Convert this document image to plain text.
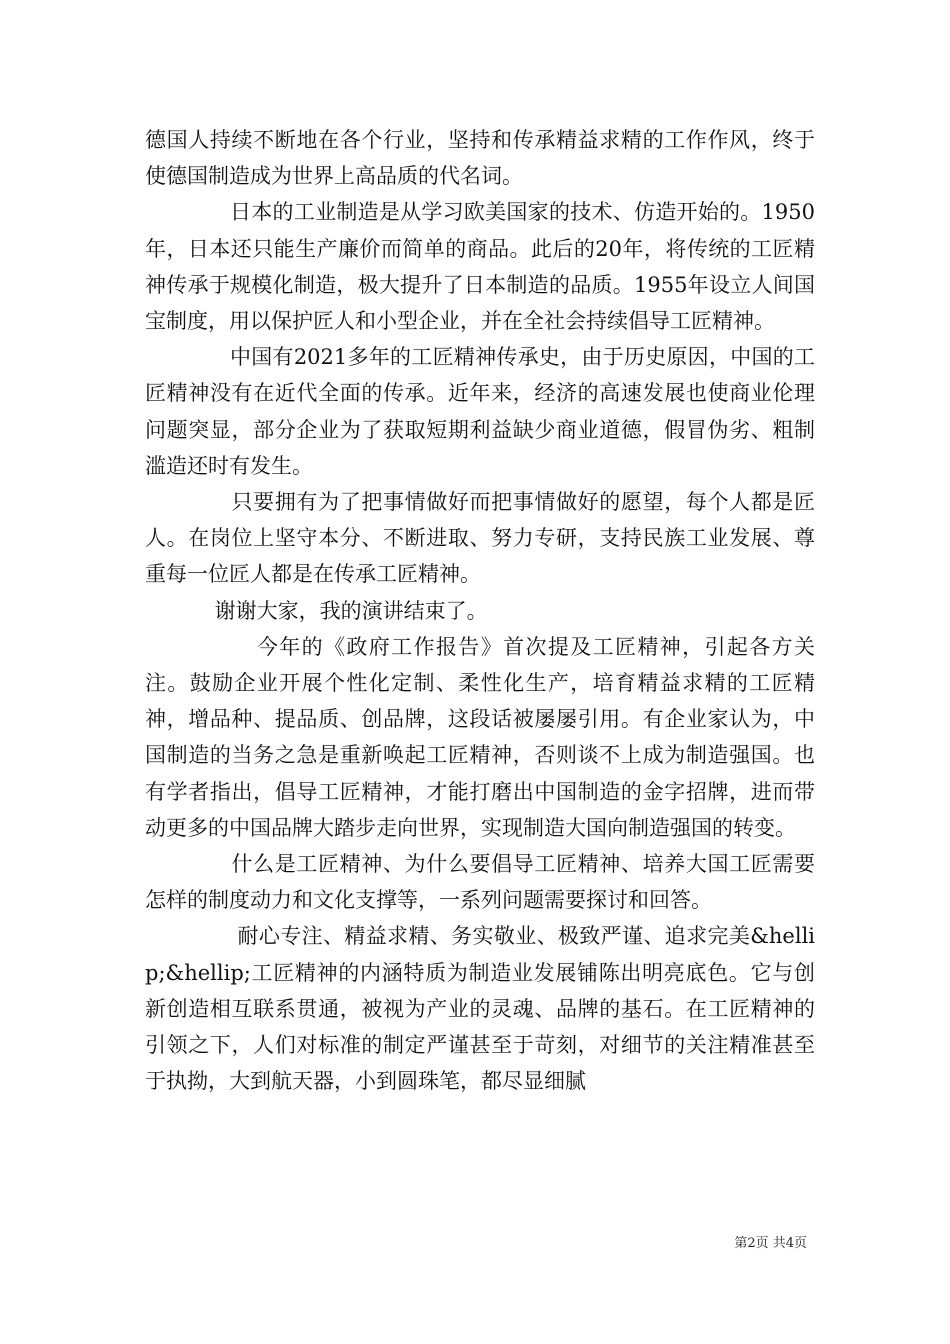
德国人持续不断地在各个行业，坚持和传承精益求精的工作作风，终于使德国制造成为世界上高品质的代名词。

　　　　日本的工业制造是从学习欧美国家的技术、仿造开始的。1950年，日本还只能生产廉价而简单的商品。此后的20年，将传统的工匠精神传承于规模化制造，极大提升了日本制造的品质。1955年设立人间国宝制度，用以保护匠人和小型企业，并在全社会持续倡导工匠精神。

　　　　中国有2021多年的工匠精神传承史，由于历史原因，中国的工匠精神没有在近代全面的传承。近年来，经济的高速发展也使商业伦理问题突显，部分企业为了获取短期利益缺少商业道德，假冒伪劣、粗制滥造还时有发生。

　　　　只要拥有为了把事情做好而把事情做好的愿望，每个人都是匠人。在岗位上坚守本分、不断进取、努力专研，支持民族工业发展、尊重每一位匠人都是在传承工匠精神。

　　　 谢谢大家，我的演讲结束了。

　　　　　今年的《政府工作报告》首次提及工匠精神，引起各方关注。鼓励企业开展个性化定制、柔性化生产，培育精益求精的工匠精神，增品种、提品质、创品牌，这段话被屡屡引用。有企业家认为，中国制造的当务之急是重新唤起工匠精神，否则谈不上成为制造强国。也有学者指出，倡导工匠精神，才能打磨出中国制造的金字招牌，进而带动更多的中国品牌大踏步走向世界，实现制造大国向制造强国的转变。

　　　　什么是工匠精神、为什么要倡导工匠精神、培养大国工匠需要怎样的制度动力和文化支撑等，一系列问题需要探讨和回答。

　　　　 耐心专注、精益求精、务实敬业、极致严谨、追求完美&hellip;&hellip;工匠精神的内涵特质为制造业发展铺陈出明亮底色。它与创新创造相互联系贯通，被视为产业的灵魂、品牌的基石。在工匠精神的引领之下，人们对标准的制定严谨甚至于苛刻，对细节的关注精准甚至于执拗，大到航天器，小到圆珠笔，都尽显细腻

第2页 共4页
